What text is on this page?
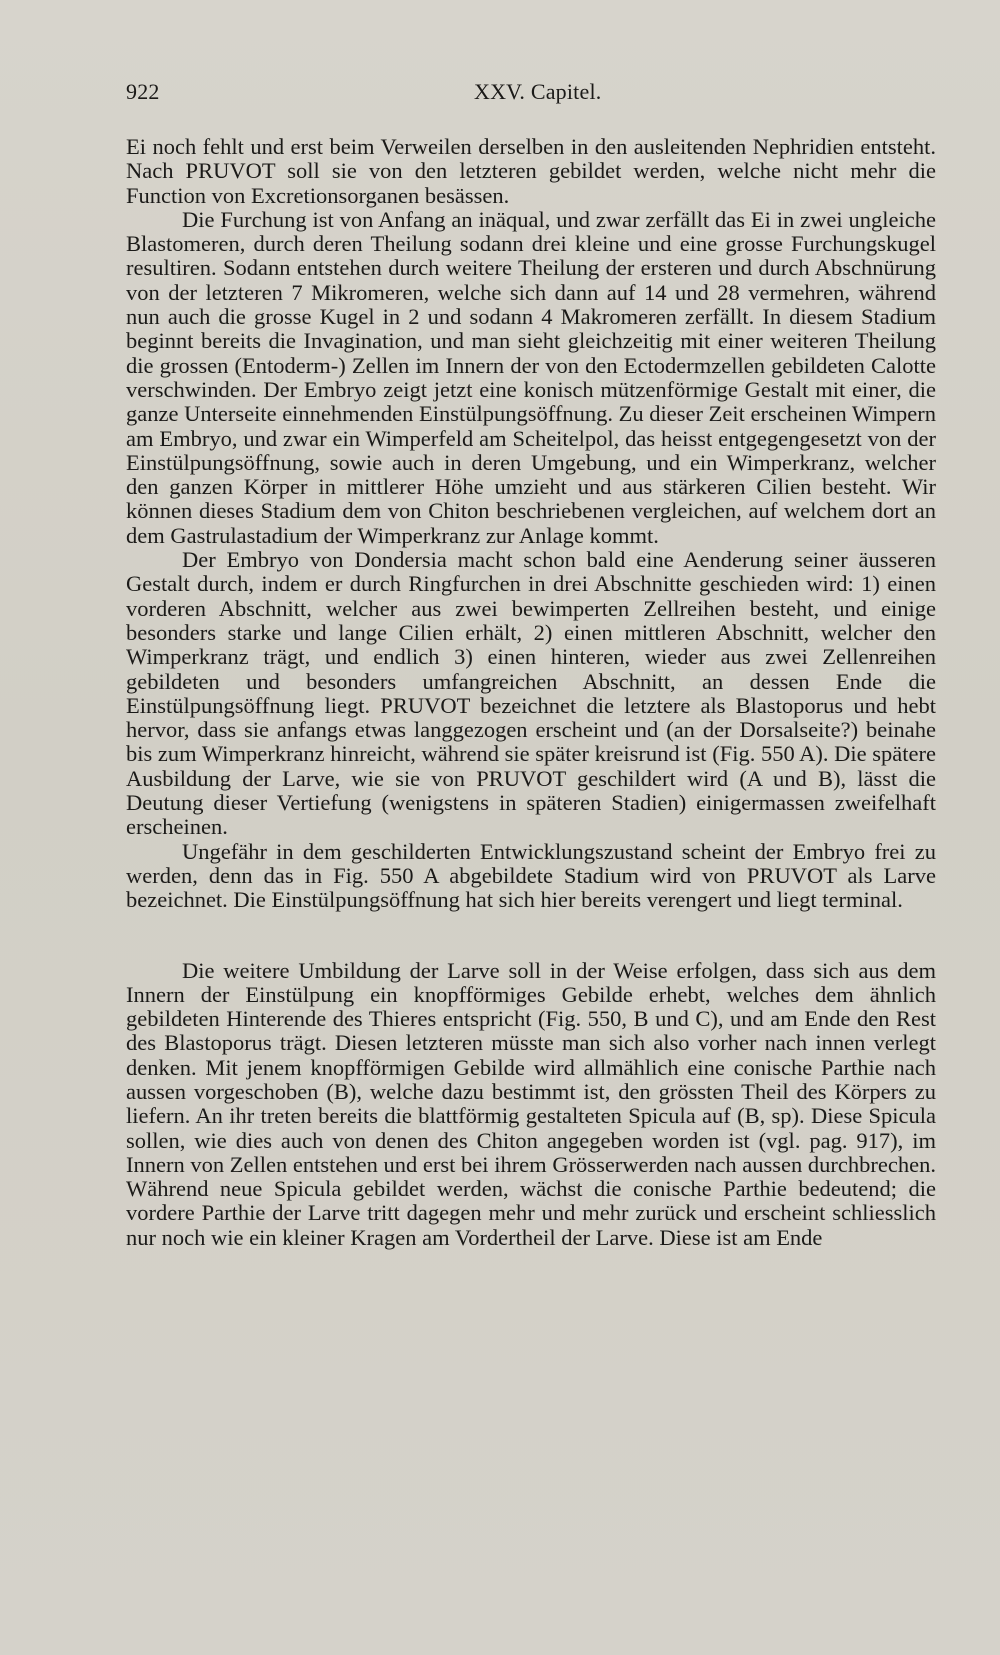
922	XXV. Capitel.

Ei noch fehlt und erst beim Verweilen derselben in den ausleitenden Nephridien entsteht. Nach PRUVOT soll sie von den letzteren gebildet werden, welche nicht mehr die Function von Excretionsorganen besässen.

Die Furchung ist von Anfang an inäqual, und zwar zerfällt das Ei in zwei ungleiche Blastomeren, durch deren Theilung sodann drei kleine und eine grosse Furchungskugel resultiren. Sodann entstehen durch weitere Theilung der ersteren und durch Abschnürung von der letzteren 7 Mikromeren, welche sich dann auf 14 und 28 vermehren, während nun auch die grosse Kugel in 2 und sodann 4 Makromeren zerfällt. In diesem Stadium beginnt bereits die Invagination, und man sieht gleichzeitig mit einer weiteren Theilung die grossen (Entoderm-) Zellen im Innern der von den Ectodermzellen gebildeten Calotte verschwinden. Der Embryo zeigt jetzt eine konisch mützenförmige Gestalt mit einer, die ganze Unterseite einnehmenden Einstülpungsöffnung. Zu dieser Zeit erscheinen Wimpern am Embryo, und zwar ein Wimperfeld am Scheitelpol, das heisst entgegengesetzt von der Einstülpungsöffnung, sowie auch in deren Umgebung, und ein Wimperkranz, welcher den ganzen Körper in mittlerer Höhe umzieht und aus stärkeren Cilien besteht. Wir können dieses Stadium dem von Chiton beschriebenen vergleichen, auf welchem dort an dem Gastrulastadium der Wimperkranz zur Anlage kommt.

Der Embryo von Dondersia macht schon bald eine Aenderung seiner äusseren Gestalt durch, indem er durch Ringfurchen in drei Abschnitte geschieden wird: 1) einen vorderen Abschnitt, welcher aus zwei bewimperten Zellreihen besteht, und einige besonders starke und lange Cilien erhält, 2) einen mittleren Abschnitt, welcher den Wimperkranz trägt, und endlich 3) einen hinteren, wieder aus zwei Zellenreihen gebildeten und besonders umfangreichen Abschnitt, an dessen Ende die Einstülpungsöffnung liegt. PRUVOT bezeichnet die letztere als Blastoporus und hebt hervor, dass sie anfangs etwas langgezogen erscheint und (an der Dorsalseite?) beinahe bis zum Wimperkranz hinreicht, während sie später kreisrund ist (Fig. 550 A). Die spätere Ausbildung der Larve, wie sie von PRUVOT geschildert wird (A und B), lässt die Deutung dieser Vertiefung (wenigstens in späteren Stadien) einigermassen zweifelhaft erscheinen.

Ungefähr in dem geschilderten Entwicklungszustand scheint der Embryo frei zu werden, denn das in Fig. 550 A abgebildete Stadium wird von PRUVOT als Larve bezeichnet. Die Einstülpungsöffnung hat sich hier bereits verengert und liegt terminal.

Die weitere Umbildung der Larve soll in der Weise erfolgen, dass sich aus dem Innern der Einstülpung ein knopfförmiges Gebilde erhebt, welches dem ähnlich gebildeten Hinterende des Thieres entspricht (Fig. 550, B und C), und am Ende den Rest des Blastoporus trägt. Diesen letzteren müsste man sich also vorher nach innen verlegt denken. Mit jenem knopfförmigen Gebilde wird allmählich eine conische Parthie nach aussen vorgeschoben (B), welche dazu bestimmt ist, den grössten Theil des Körpers zu liefern. An ihr treten bereits die blattförmig gestalteten Spicula auf (B, sp). Diese Spicula sollen, wie dies auch von denen des Chiton angegeben worden ist (vgl. pag. 917), im Innern von Zellen entstehen und erst bei ihrem Grösserwerden nach aussen durchbrechen. Während neue Spicula gebildet werden, wächst die conische Parthie bedeutend; die vordere Parthie der Larve tritt dagegen mehr und mehr zurück und erscheint schliesslich nur noch wie ein kleiner Kragen am Vordertheil der Larve. Diese ist am Ende
